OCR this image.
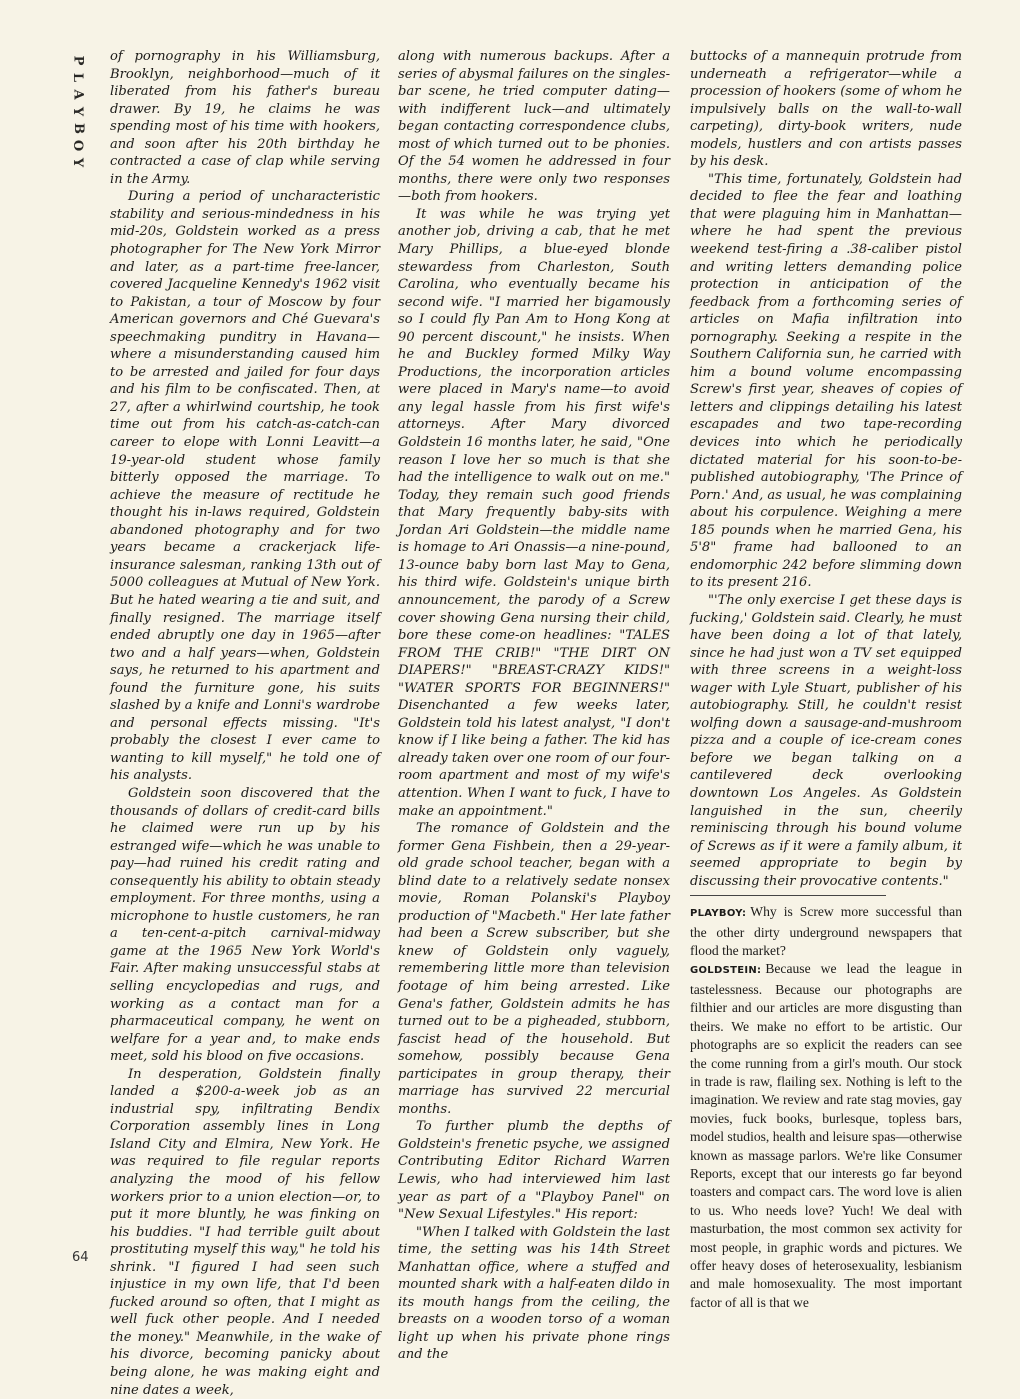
P
L
A
Y
B
O
Y

of pornography in his Williamsburg, Brooklyn, neighborhood—much of it liberated from his father's bureau drawer. By 19, he claims he was spending most of his time with hookers, and soon after his 20th birthday he contracted a case of clap while serving in the Army.

During a period of uncharacteristic stability and serious-mindedness in his mid-20s, Goldstein worked as a press photographer for The New York Mirror and later, as a part-time free-lancer, covered Jacqueline Kennedy's 1962 visit to Pakistan, a tour of Moscow by four American governors and Ché Guevara's speechmaking punditry in Havana—where a misunderstanding caused him to be arrested and jailed for four days and his film to be confiscated. Then, at 27, after a whirlwind courtship, he took time out from his catch-as-catch-can career to elope with Lonni Leavitt—a 19-year-old student whose family bitterly opposed the marriage. To achieve the measure of rectitude he thought his in-laws required, Goldstein abandoned photography and for two years became a crackerjack life-insurance salesman, ranking 13th out of 5000 colleagues at Mutual of New York. But he hated wearing a tie and suit, and finally resigned. The marriage itself ended abruptly one day in 1965—after two and a half years—when, Goldstein says, he returned to his apartment and found the furniture gone, his suits slashed by a knife and Lonni's wardrobe and personal effects missing. "It's probably the closest I ever came to wanting to kill myself," he told one of his analysts.

Goldstein soon discovered that the thousands of dollars of credit-card bills he claimed were run up by his estranged wife—which he was unable to pay—had ruined his credit rating and consequently his ability to obtain steady employment. For three months, using a microphone to hustle customers, he ran a ten-cent-a-pitch carnival-midway game at the 1965 New York World's Fair. After making unsuccessful stabs at selling encyclopedias and rugs, and working as a contact man for a pharmaceutical company, he went on welfare for a year and, to make ends meet, sold his blood on five occasions.

In desperation, Goldstein finally landed a $200-a-week job as an industrial spy, infiltrating Bendix Corporation assembly lines in Long Island City and Elmira, New York. He was required to file regular reports analyzing the mood of his fellow workers prior to a union election—or, to put it more bluntly, he was finking on his buddies. "I had terrible guilt about prostituting myself this way," he told his shrink. "I figured I had seen such injustice in my own life, that I'd been fucked around so often, that I might as well fuck other people. And I needed the money." Meanwhile, in the wake of his divorce, becoming panicky about being alone, he was making eight and nine dates a week,

along with numerous backups. After a series of abysmal failures on the singles-bar scene, he tried computer dating—with indifferent luck—and ultimately began contacting correspondence clubs, most of which turned out to be phonies. Of the 54 women he addressed in four months, there were only two responses—both from hookers.

It was while he was trying yet another job, driving a cab, that he met Mary Phillips, a blue-eyed blonde stewardess from Charleston, South Carolina, who eventually became his second wife. "I married her bigamously so I could fly Pan Am to Hong Kong at 90 percent discount," he insists. When he and Buckley formed Milky Way Productions, the incorporation articles were placed in Mary's name—to avoid any legal hassle from his first wife's attorneys. After Mary divorced Goldstein 16 months later, he said, "One reason I love her so much is that she had the intelligence to walk out on me." Today, they remain such good friends that Mary frequently baby-sits with Jordan Ari Goldstein—the middle name is homage to Ari Onassis—a nine-pound, 13-ounce baby born last May to Gena, his third wife. Goldstein's unique birth announcement, the parody of a Screw cover showing Gena nursing their child, bore these come-on headlines: "TALES FROM THE CRIB!" "THE DIRT ON DIAPERS!" "BREAST-CRAZY KIDS!" "WATER SPORTS FOR BEGINNERS!" Disenchanted a few weeks later, Goldstein told his latest analyst, "I don't know if I like being a father. The kid has already taken over one room of our four-room apartment and most of my wife's attention. When I want to fuck, I have to make an appointment."

The romance of Goldstein and the former Gena Fishbein, then a 29-year-old grade school teacher, began with a blind date to a relatively sedate nonsex movie, Roman Polanski's Playboy production of "Macbeth." Her late father had been a Screw subscriber, but she knew of Goldstein only vaguely, remembering little more than television footage of him being arrested. Like Gena's father, Goldstein admits he has turned out to be a pigheaded, stubborn, fascist head of the household. But somehow, possibly because Gena participates in group therapy, their marriage has survived 22 mercurial months.

To further plumb the depths of Goldstein's frenetic psyche, we assigned Contributing Editor Richard Warren Lewis, who had interviewed him last year as part of a "Playboy Panel" on "New Sexual Lifestyles." His report:

"When I talked with Goldstein the last time, the setting was his 14th Street Manhattan office, where a stuffed and mounted shark with a half-eaten dildo in its mouth hangs from the ceiling, the breasts on a wooden torso of a woman light up when his private phone rings and the

buttocks of a mannequin protrude from underneath a refrigerator—while a procession of hookers (some of whom he impulsively balls on the wall-to-wall carpeting), dirty-book writers, nude models, hustlers and con artists passes by his desk.

"This time, fortunately, Goldstein had decided to flee the fear and loathing that were plaguing him in Manhattan—where he had spent the previous weekend test-firing a .38-caliber pistol and writing letters demanding police protection in anticipation of the feedback from a forthcoming series of articles on Mafia infiltration into pornography. Seeking a respite in the Southern California sun, he carried with him a bound volume encompassing Screw's first year, sheaves of copies of letters and clippings detailing his latest escapades and two tape-recording devices into which he periodically dictated material for his soon-to-be-published autobiography, 'The Prince of Porn.' And, as usual, he was complaining about his corpulence. Weighing a mere 185 pounds when he married Gena, his 5'8" frame had ballooned to an endomorphic 242 before slimming down to its present 216.

"'The only exercise I get these days is fucking,' Goldstein said. Clearly, he must have been doing a lot of that lately, since he had just won a TV set equipped with three screens in a weight-loss wager with Lyle Stuart, publisher of his autobiography. Still, he couldn't resist wolfing down a sausage-and-mushroom pizza and a couple of ice-cream cones before we began talking on a cantilevered deck overlooking downtown Los Angeles. As Goldstein languished in the sun, cheerily reminiscing through his bound volume of Screws as if it were a family album, it seemed appropriate to begin by discussing their provocative contents."

PLAYBOY: Why is Screw more successful than the other dirty underground newspapers that flood the market?

GOLDSTEIN: Because we lead the league in tastelessness. Because our photographs are filthier and our articles are more disgusting than theirs. We make no effort to be artistic. Our photographs are so explicit the readers can see the come running from a girl's mouth. Our stock in trade is raw, flailing sex. Nothing is left to the imagination. We review and rate stag movies, gay movies, fuck books, burlesque, topless bars, model studios, health and leisure spas—otherwise known as massage parlors. We're like Consumer Reports, except that our interests go far beyond toasters and compact cars. The word love is alien to us. Who needs love? Yuch! We deal with masturbation, the most common sex activity for most people, in graphic words and pictures. We offer heavy doses of heterosexuality, lesbianism and male homosexuality. The most important factor of all is that we

64
